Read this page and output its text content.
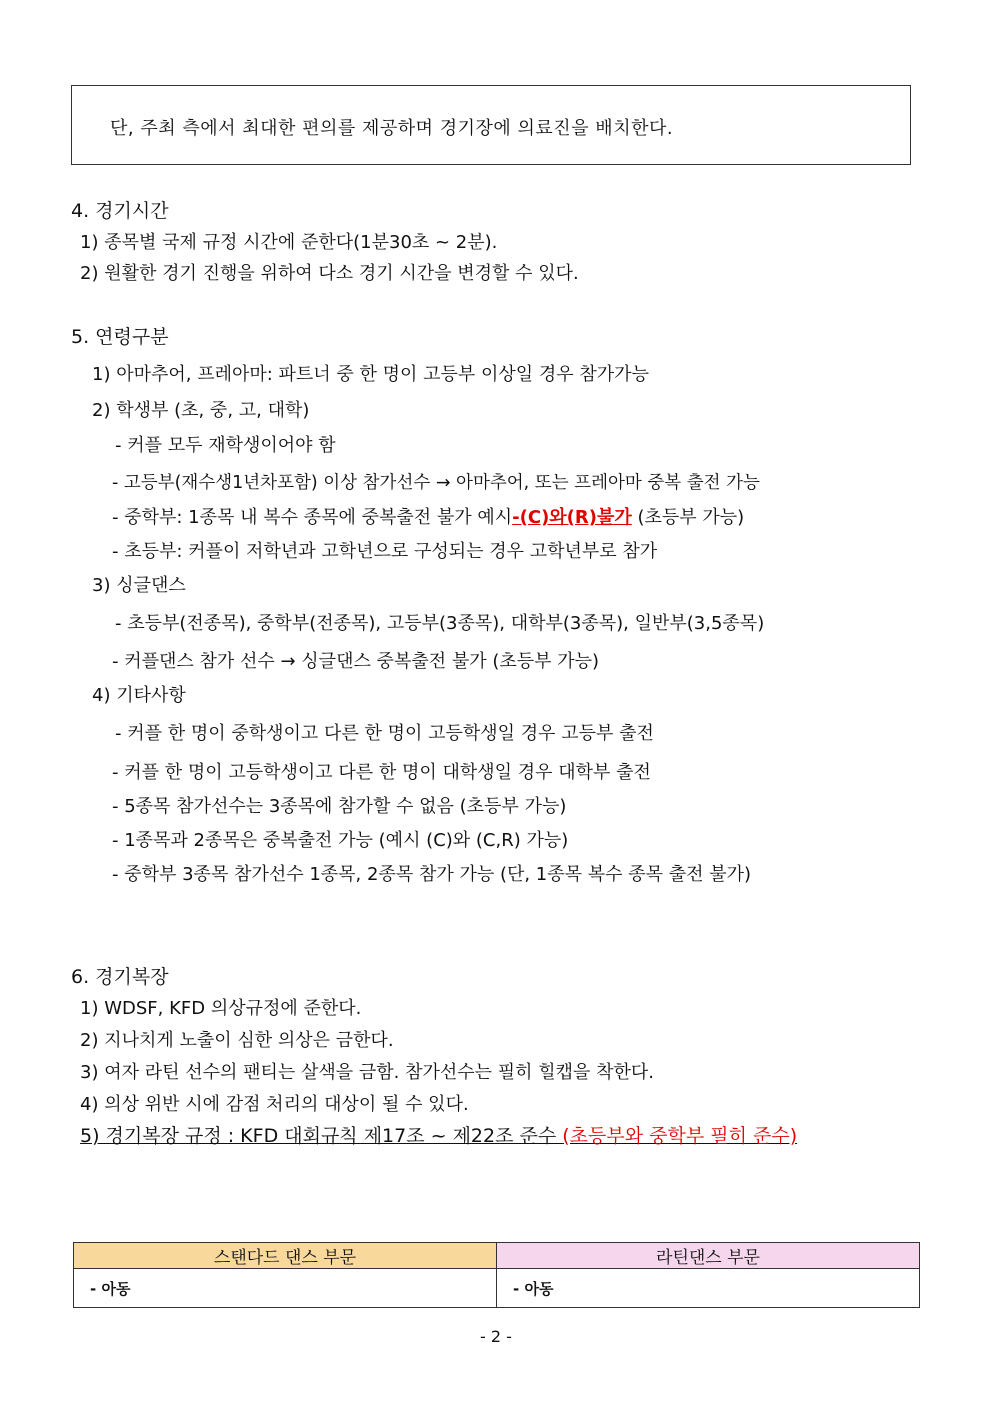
단, 주최 측에서 최대한 편의를 제공하며 경기장에 의료진을 배치한다.
4. 경기시간
1) 종목별 국제 규정 시간에 준한다(1분30초 ~ 2분).
2) 원활한 경기 진행을 위하여 다소 경기 시간을 변경할 수 있다.
5. 연령구분
1) 아마추어, 프레아마: 파트너 중 한 명이 고등부 이상일 경우 참가가능
2) 학생부 (초, 중, 고, 대학)
- 커플 모두 재학생이어야 함
- 고등부(재수생1년차포함) 이상 참가선수 → 아마추어, 또는 프레아마 중복 출전 가능
- 중학부: 1종목 내 복수 종목에 중복출전 불가 예시-(C)와(R)불가 (초등부 가능)
- 초등부: 커플이 저학년과 고학년으로 구성되는 경우 고학년부로 참가
3) 싱글댄스
- 초등부(전종목), 중학부(전종목), 고등부(3종목), 대학부(3종목), 일반부(3,5종목)
- 커플댄스 참가 선수 → 싱글댄스 중복출전 불가 (초등부 가능)
4) 기타사항
- 커플 한 명이 중학생이고 다른 한 명이 고등학생일 경우 고등부 출전
- 커플 한 명이 고등학생이고 다른 한 명이 대학생일 경우 대학부 출전
- 5종목 참가선수는 3종목에 참가할 수 없음 (초등부 가능)
- 1종목과 2종목은 중복출전 가능 (예시 (C)와 (C,R) 가능)
- 중학부 3종목 참가선수 1종목, 2종목 참가 가능 (단, 1종목 복수 종목 출전 불가)
6. 경기복장
1) WDSF, KFD 의상규정에 준한다.
2) 지나치게 노출이 심한 의상은 금한다.
3) 여자 라틴 선수의 팬티는 살색을 금함. 참가선수는 필히 힐캡을 착한다.
4) 의상 위반 시에 감점 처리의 대상이 될 수 있다.
5) 경기복장 규정 : KFD 대회규칙 제17조 ~ 제22조 준수 (초등부와 중학부 필히 준수)
스탠다드 댄스 부문	라틴댄스 부문
- 아동	- 아동
- 2 -
